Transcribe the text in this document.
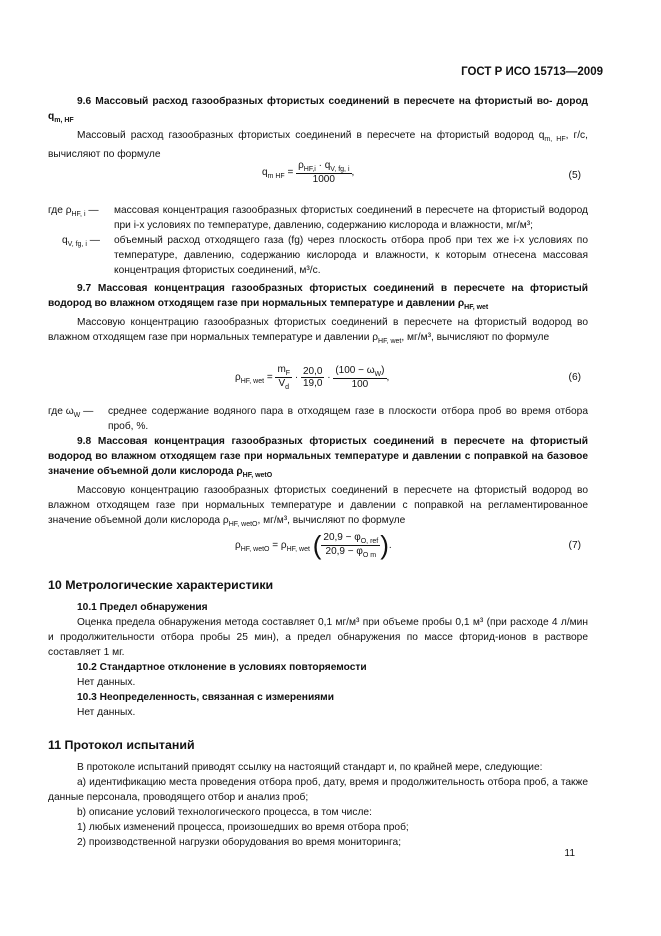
ГОСТ Р ИСО 15713—2009

9.6 Массовый расход газообразных фтористых соединений в пересчете на фтористый во- дород $q_{m, HF}$

Массовый расход газообразных фтористых соединений в пересчете на фтористый водород $q_{m, HF}$, г/с, вычисляют по формуле

$q_{m HF} = \frac{\rho_{HF,i} \cdot q_{V, fg, i}}{1000}$ ,	(5)
где $\rho_{HF, i}$ —	массовая концентрация газообразных фтористых соединений в пересчете на фтористый водород при i-х условиях по температуре, давлению, содержанию кислорода и влажности, мг/м³;
$q_{V, fg, i}$ —	объемный расход отходящего газа (fg) через плоскость отбора проб при тех же i-х условиях по температуре, давлению, содержанию кислорода и влажности, к которым отнесена массовая концентрация фтористых соединений, м³/с.

9.7 Массовая концентрация газообразных фтористых соединений в пересчете на фтористый водород во влажном отходящем газе при нормальных температуре и давлении $\rho_{HF, wet}$

Массовую концентрацию газообразных фтористых соединений в пересчете на фтористый водород во влажном отходящем газе при нормальных температуре и давлении $\rho_{HF, wet}$, мг/м³, вычисляют по формуле

$\rho_{HF, wet} = \frac{m_F}{V_d} \cdot \frac{20,0}{19,0} \cdot \frac{(100 - \omega_W)}{100}$ ,	(6)
где $\omega_W$ —	среднее содержание водяного пара в отходящем газе в плоскости отбора проб во время отбора проб, %.

9.8 Массовая концентрация газообразных фтористых соединений в пересчете на фтористый водород во влажном отходящем газе при нормальных температуре и давлении с поправкой на базовое значение объемной доли кислорода $\rho_{HF, wetO}$

Массовую концентрацию газообразных фтористых соединений в пересчете на фтористый водород во влажном отходящем газе при нормальных температуре и давлении с поправкой на регламентированное значение объемной доли кислорода $\rho_{HF, wetO}$, мг/м³, вычисляют по формуле

$\rho_{HF, wetO} = \rho_{HF, wet}$ ( $\frac{20,9 - \varphi_{O, ref}}{20,9 - \varphi_{O m}}$ ).	(7)
10 Метрологические характеристики

10.1 Предел обнаружения

Оценка предела обнаружения метода составляет 0,1 мг/м³ при объеме пробы 0,1 м³ (при расходе 4 л/мин и продолжительности отбора пробы 25 мин), а предел обнаружения по массе фторид-ионов в растворе составляет 1 мг.

10.2 Стандартное отклонение в условиях повторяемости

Нет данных.

10.3 Неопределенность, связанная с измерениями

Нет данных.

11 Протокол испытаний

В протоколе испытаний приводят ссылку на настоящий стандарт и, по крайней мере, следующие:

a) идентификацию места проведения отбора проб, дату, время и продолжительность отбора проб, а также данные персонала, проводящего отбор и анализ проб;

b) описание условий технологического процесса, в том числе:

1) любых изменений процесса, произошедших во время отбора проб;

2) производственной нагрузки оборудования во время мониторинга;

11
